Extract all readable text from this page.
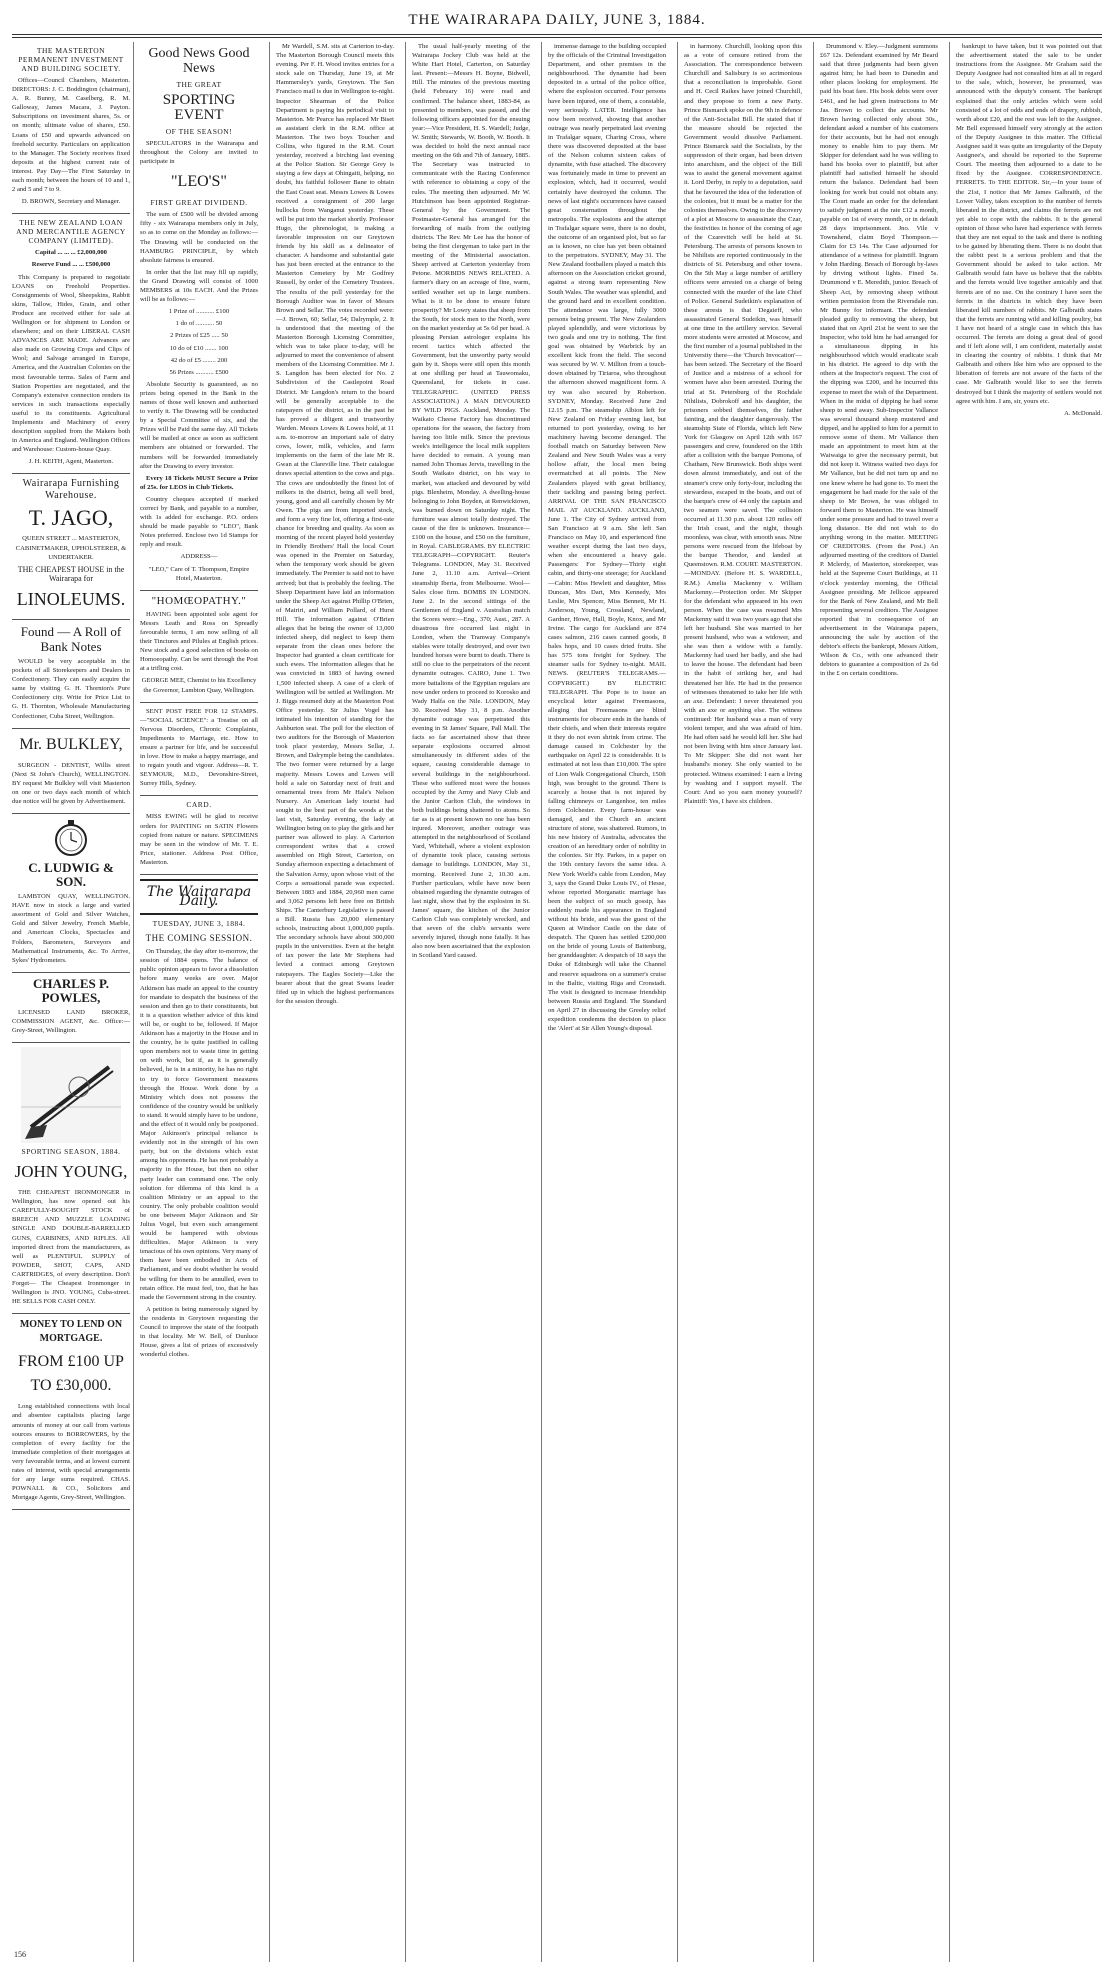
THE WAIRARAPA DAILY, JUNE 3, 1884.
THE MASTERTON PERMANENT INVESTMENT AND BUILDING SOCIETY.

Offices—Council Chambers, Masterton. DIRECTORS: J. C. Boddington (chairman), A. R. Bunny, M. Caselberg, R. M. Galloway, James Macara, J. Payton. Subscriptions on investment shares, 5s. or on month; ultimate value of shares, £50. Loans of £50 and upwards advanced on freehold security. Particulars on application to the Manager. The Society receives fixed deposits at the highest current rate of interest. Pay Day—The First Saturday in each month; between the hours of 10 and 1, 2 and 5 and 7 to 9.

D. BROWN, Secretary and Manager.

THE NEW ZEALAND LOAN AND MERCANTILE AGENCY COMPANY (LIMITED).

Capital ... ... ... £2,000,000

Reserve Fund ... ... £500,000

This Company is prepared to negotiate LOANS on Freehold Properties. Consignments of Wool, Sheepskins, Rabbit skins, Tallow, Hides, Grain, and other Produce are received either for sale at Wellington or for shipment to London or elsewhere; and on their LIBERAL CASH ADVANCES ARE MADE. Advances are also made on Growing Crops and Clips of Wool; and Salvage arranged in Europe, America, and the Australian Colonies on the most favourable terms. Sales of Farm and Station Properties are negotiated, and the Company's extensive connection renders its services in such transactions especially useful to its constituents. Agricultural Implements and Machinery of every description supplied from the Makers both in America and England. Wellington Offices and Warehouse: Custom-house Quay.

J. H. KEITH, Agent, Masterton.

Wairarapa Furnishing Warehouse.
T. JAGO,

QUEEN STREET ... MASTERTON, CABINETMAKER, UPHOLSTERER, & UNDERTAKER.

THE CHEAPEST HOUSE in the Wairarapa for

LINOLEUMS.
Found — A Roll of Bank Notes

WOULD be very acceptable in the pockets of all Storekeepers and Dealers in Confectionery. They can easily acquire the same by visiting G. H. Thornton's Pure Confectionery city. Write for Price List to G. H. Thornton, Wholesale Manufacturing Confectioner, Cuba Street, Wellington.

Mr. BULKLEY,

SURGEON - DENTIST, Willis street (Next St John's Church), WELLINGTON. BY request Mr Bulkley will visit Masterton on one or two days each month of which due notice will be given by Advertisement.

C. LUDWIG & SON.

LAMBTON QUAY, WELLINGTON. HAVE now in stock a large and varied assortment of Gold and Silver Watches, Gold and Silver Jewelry, French Marble, and American Clocks, Spectacles and Folders, Barometers, Surveyors and Mathematical Instruments, &c. To Arrive, Sykes' Hydrometers.

CHARLES P. POWLES,

LICENSED LAND BROKER, COMMISSION AGENT, &c. Office:—Grey-Street, Wellington.

SPORTING SEASON, 1884.
JOHN YOUNG,

THE CHEAPEST IRONMONGER in Wellington, has now opened out his CAREFULLY-BOUGHT STOCK of BREECH AND MUZZLE LOADING SINGLE AND DOUBLE-BARRELLED GUNS, CARBINES, AND RIFLES. All imported direct from the manufacturers, as well as PLENTIFUL SUPPLY of POWDER, SHOT, CAPS, AND CARTRIDGES, of every description. Don't Forget— The Cheapest Ironmonger in Wellington is JNO. YOUNG, Cuba-street. HE SELLS FOR CASH ONLY.

MONEY TO LEND ON MORTGAGE.
FROM £100 UP TO £30,000.

Long established connections with local and absentee capitalists placing large amounts of money at our call from various sources ensures to BORROWERS, by the completion of every facility for the immediate completion of their mortgages at very favourable terms, and at lowest current rates of interest, with special arrangements for any large sums required. CHAS. POWNALL & CO., Solicitors and Mortgage Agents, Grey-Street, Wellington.

Good News Good News
THE GREAT
SPORTING EVENT
OF THE SEASON!

SPECULATORS in the Wairarapa and throughout the Colony are invited to participate in

"LEO'S"
FIRST GREAT DIVIDEND.

The sum of £500 will be divided among fifty - six Wairarapa members only in July, so as to come on the Monday as follows:— The Drawing will be conducted on the HAMBURG PRINCIPLE, by which absolute fairness is ensured.

In order that the list may fill up rapidly, the Grand Drawing will consist of 1000 MEMBERS at 10s EACH. And the Prizes will be as follows:—

1 Prize of ........... £100

1 do of ........... 50

2 Prizes of £25 ..... 50

10 do of £10 ....... 100

42 do of £5 ........ 200

56 Prizes ........... £500

Absolute Security is guaranteed, as no prizes being opened in the Bank in the names of those well known and authorised to verify it. The Drawing will be conducted by a Special Committee of six, and the Prizes will be Paid the same day. All Tickets will be mailed at once as soon as sufficient members are obtained or forwarded. The numbers will be forwarded immediately after the Drawing to every investor.

Every 18 Tickets MUST Secure a Prize of 25s. for LEOS in Club Tickets.

Country cheques accepted if marked correct by Bank, and payable to a number, with 1s added for exchange. P.O. orders should be made payable to "LEO", Bank Notes preferred. Enclose two 1d Stamps for reply and result.

ADDRESS—

"LEO," Care of T. Thompson, Empire Hotel, Masterton.

"HOMŒOPATHY."

HAVING been appointed sole agent for Messrs Leath and Ross on Spreadly favourable terms, I am now selling of all their Tinctures and Pilules at English prices. New stock and a good selection of books on Homoeopathy. Can be sent through the Post at a trifling cost.

GEORGE MEE, Chemist to his Excellency the Governor, Lambton Quay, Wellington.

SENT POST FREE FOR 12 STAMPS.—"SOCIAL SCIENCE": a Treatise on all Nervous Disorders, Chronic Complaints, Impediments to Marriage, etc. How to ensure a partner for life, and be successful in love. How to make a happy marriage, and to regain youth and vigour. Address—R. T. SEYMOUR, M.D., Devonshire-Street, Surrey Hills, Sydney.

CARD.

MISS EWING will be glad to receive orders for PAINTING on SATIN Flowers copied from nature or nature. SPECIMENS may be seen in the window of Mr. T. E. Price, stationer. Address Post Office, Masterton.

The Wairarapa Daily.
TUESDAY, JUNE 3, 1884.
THE COMING SESSION.

On Thursday, the day after to-morrow, the session of 1884 opens. The balance of public opinion appears to favor a dissolution before many weeks are over. Major Atkinson has made an appeal to the country for mandate to despatch the business of the session and then go to their constituents, but it is a question whether advice of this kind will be, or ought to be, followed. If Major Atkinson has a majority in the House and in the country, he is quite justified in calling upon members not to waste time in getting on with work, but if, as it is generally believed, he is in a minority, he has no right to try to force Government measures through the House. Work done by a Ministry which does not possess the confidence of the country would be unlikely to stand. It would simply have to be undone, and the effect of it would only be postponed. Major Atkinson's principal reliance is evidently not in the strength of his own party, but on the divisions which exist among his opponents. He has not probably a majority in the House, but then no other party leader can command one. The only solution for dilemma of this kind is a coalition Ministry or an appeal to the country. The only probable coalition would be one between Major Atkinson and Sir Julius Vogel, but even such arrangement would be hampered with obvious difficulties. Major Atkinson is very tenacious of his own opinions. Very many of them have been embodied in Acts of Parliament, and we doubt whether he would be willing for them to be annulled, even to retain office. He must feel, too, that he has made the Government strong in the country.

A petition is being numerously signed by the residents in Greytown requesting the Council to improve the state of the footpath in that locality. Mr W. Bell, of Dunluce House, gives a list of prizes of excessively wonderful clothes.

Mr Wardell, S.M. sits at Carterton to-day. The Masterton Borough Council meets this evening. Per F. H. Wood invites entries for a stock sale on Thursday, June 19, at Mr Hammersley's yards, Greytown. The San Francisco mail is due in Wellington to-night. Inspector Shearman of the Police Department is paying his periodical visit to Masterton. Mr Pearce has replaced Mr Biset as assistant clerk in the R.M. office at Masterton. The two boys Toucher and Collins, who figured in the R.M. Court yesterday, received a birching last evening at the Police Station. Sir George Grey is staying a few days at Ohingaiti, helping, no doubt, his faithful follower Bane to obtain the East Coast seat. Messrs Lowes & Lowes received a consignment of 200 large bullocks from Wanganui yesterday. These will be put into the market shortly. Professor Hugo, the phrenologist, is making a favorable impression on our Greytown friends by his skill as a delineator of character. A handsome and substantial gate has just been erected at the entrance to the Masterton Cemetery by Mr Godfrey Russell, by order of the Cemetery Trustees. The results of the poll yesterday for the Borough Auditor was in favor of Messrs Brown and Sellar. The votes recorded were:—J. Brown, 60; Sellar, 54; Dalrymple, 2. It is understood that the meeting of the Masterton Borough Licensing Committee, which was to take place to-day, will be adjourned to meet the convenience of absent members of the Licensing Committee. Mr J. S. Langdon has been elected for No. 2 Subdivision of the Castlepoint Road District. Mr Langdon's return to the board will be generally acceptable to the ratepayers of the district, as in the past he has proved a diligent and trustworthy Warden. Messrs Lowes & Lowes hold, at 11 a.m. to-morrow an important sale of dairy cows, lower, milk, vehicles, and farm implements on the farm of the late Mr R. Gwan at the Clareville line. Their catalogue draws special attention to the cows and pigs. The cows are undoubtedly the finest lot of milkers in the district, being all well bred, young, good and all carefully chosen by Mr Owen. The pigs are from imported stock, and form a very fine lot, offering a first-rate chance for breeding and quality. As soon as morning of the recent played hold yesterday in Friendly Brothers' Hall the local Court was opened in the Premier on Saturday, when the temporary work should be given immediately. The Premier is said not to have arrived; but that is probably the feeling. The Sheep Department have laid an information under the Sheep Act against Phillip O'Brien, of Mairiri, and William Pollard, of Hurst Hill. The information against O'Brien alleges that he being the owner of 13,000 infected sheep, did neglect to keep them separate from the clean ones before the Inspector had granted a clean certificate for such ewes. The information alleges that he was convicted in 1883 of having owned 1,500 infected sheep. A case of a clerk of Wellington will be settled at Wellington. Mr J. Biggs resumed duty at the Masterton Post Office yesterday. Sir Julius Vogel has intimated his intention of standing for the Ashburton seat. The poll for the election of two auditors for the Borough of Masterton took place yesterday, Messrs Sellar, J. Brown, and Dalrymple being the candidates. The two former were returned by a large majority. Messrs Lowes and Lowes will hold a sale on Saturday next of fruit and ornamental trees from Mr Hale's Nelson Nursery. An American lady tourist had sought to the best part of the woods at the last visit, Saturday evening, the lady at Wellington being on to play the girls and her partner was allowed to play. A Carterton correspondent writes that a crowd assembled on High Street, Carterton, on Sunday afternoon expecting a detachment of the Salvation Army, upon whose visit of the Corps a sensational parade was expected. Between 1883 and 1884, 20,960 men came and 3,062 persons left here free on British Ships. The Canterbury Legislative is passed a Bill. Russia has 20,000 elementary schools, instructing about 1,000,000 pupils. The secondary schools have about 300,000 pupils in the universities. Even at the height of tax power the late Mr Stephens had levied a contract among Greytown ratepayers. The Eagles Society—Like the bearer about that the great Swans leader fifed up in which the highest performances for the session through.

The usual half-yearly meeting of the Wairarapa Jockey Club was held at the White Hart Hotel, Carterton, on Saturday last. Present:—Messrs H. Boyne, Bidwell, Hill. The minutes of the previous meeting (held February 16) were read and confirmed. The balance sheet, 1883-84, as presented to members, was passed, and the following officers appointed for the ensuing year:—Vice President, H. S. Wardell; Judge, W. Smith; Stewards, W. Booth, W. Booth. It was decided to hold the next annual race meeting on the 6th and 7th of January, 1885. The Secretary was instructed to communicate with the Racing Conference with reference to obtaining a copy of the rules. The meeting then adjourned. Mr W. Hutchinson has been appointed Registrar-General by the Government. The Postmaster-General has arranged for the forwarding of mails from the outlying districts. The Rev. Mr Lee has the honor of being the first clergyman to take part in the meeting of the Ministerial association. Sheep arrived at Carterton yesterday from Petone. MORBIDS NEWS RELATED. A farmer's diary on an acreage of fine, warm, settled weather set up in large numbers. What is it to be done to ensure future prosperity? Mr Lowry states that sheep from the South, for stock men to the North, were on the market yesterday at 5s 6d per head. A pleasing Persian astrologer explains his recent tactics which affected the Government, but the unworthy party would gain by it. Shops were still open this month at one shilling per head at Tauwomaku, Queensland, for tickets in case. TELEGRAPHIC. (UNITED PRESS ASSOCIATION.) A MAN DEVOURED BY WILD PIGS. Auckland, Monday. The Waikato Cheese Factory has discontinued operations for the season, the factory from having too little milk. Since the previous week's intelligence the local milk suppliers have decided to remain. A young man named John Thomas Jervis, travelling in the South Waikato district, on his way to market, was attacked and devoured by wild pigs. Blenheim, Monday. A dwelling-house belonging to John Boyden, at Renwicktown, was burned down on Saturday night. The furniture was almost totally destroyed. The cause of the fire is unknown. Insurance—£100 on the house, and £50 on the furniture, in Royal. CABLEGRAMS. BY ELECTRIC TELEGRAPH—COPYRIGHT. Reuter's Telegrams. LONDON, May 31. Received June 2, 11.10 a.m. Arrival—Orient steamship Iberia, from Melbourne. Wool—Sales close firm. BOMBS IN LONDON. June 2. In the second sittings of the Gentlemen of England v. Australian match the Scores were:—Eng., 370; Aust., 287. A disastrous fire occurred last night in London, when the Tramway Company's stables were totally destroyed, and over two hundred horses were burnt to death. There is still no clue to the perpetrators of the recent dynamite outrages. CAIRO, June 1. Two more battalions of the Egyptian regulars are now under orders to proceed to Korosko and Wady Halfa on the Nile. LONDON, May 30. Received May 31, 8 p.m. Another dynamite outrage was perpetrated this evening in St James' Square, Pall Mall. The facts so far ascertained show that three separate explosions occurred almost simultaneously in different sides of the square, causing considerable damage to several buildings in the neighbourhood. These who suffered most were the houses occupied by the Army and Navy Club and the Junior Carlton Club, the windows in both buildings being shattered to atoms. So far as is at present known no one has been injured. Moreover, another outrage was attempted in the neighbourhood of Scotland Yard, Whitehall, where a violent explosion of dynamite took place, causing serious damage to buildings. LONDON, May 31, morning. Received June 2, 10.30 a.m. Further particulars, while have now been obtained regarding the dynamite outrages of last night, show that by the explosion in St. James' square, the kitchen of the Junior Carlton Club was completely wrecked, and that seven of the club's servants were severely injured, though none fatally. It has also now been ascertained that the explosion in Scotland Yard caused.

immense damage to the building occupied by the officials of the Criminal Investigation Department, and other premises in the neighbourhood. The dynamite had been deposited in a urinal of the police office, where the explosion occurred. Four persons have been injured, one of them, a constable, very seriously. LATER. Intelligence has now been received, showing that another outrage was nearly perpetrated last evening in Trafalgar square, Charing Cross, where there was discovered deposited at the base of the Nelson column sixteen cakes of dynamite, with fuse attached. The discovery was fortunately made in time to prevent an explosion, which, had it occurred, would certainly have destroyed the column. The news of last night's occurrences have caused great consternation throughout the metropolis. The explosions and the attempt in Trafalgar square were, there is no doubt, the outcome of an organised plot, but so far as is known, no clue has yet been obtained to the perpetrators. SYDNEY, May 31. The New Zealand footballers played a match this afternoon on the Association cricket ground, against a strong team representing New South Wales. The weather was splendid, and the ground hard and in excellent condition. The attendance was large, fully 3000 persons being present. The New Zealanders played splendidly, and were victorious by two goals and one try to nothing. The first goal was obtained by Warbrick by an excellent kick from the field. The second was secured by W. V. Millton from a touch-down obtained by Tiriaroa, who throughout the afternoon showed magnificent form. A try was also secured by Robertson. SYDNEY, Monday. Received June 2nd 12.15 p.m. The steamship Albion left for New Zealand on Friday evening last, but returned to port yesterday, owing to her machinery having become deranged. The football match on Saturday between New Zealand and New South Wales was a very hollow affair, the local men being overmatched at all points. The New Zealanders played with great brilliancy, their tackling and passing being perfect. ARRIVAL OF THE SAN FRANCISCO MAIL AT AUCKLAND. AUCKLAND, June 1. The City of Sydney arrived from San Francisco at 9 a.m. She left San Francisco on May 10, and experienced fine weather except during the last two days, when she encountered a heavy gale. Passengers: For Sydney—Thirty eight cabin, and thirty-one steerage; for Auckland—Cabin: Miss Hewlett and daughter, Miss Duncan, Mrs Dart, Mrs Kennedy, Mrs Leslie, Mrs Spencer, Miss Bennett, Mr H. Anderson, Young, Crossland, Newland, Gardner, Howe, Hall, Boyle, Knox, and Mr Irvine. The cargo for Auckland are 874 cases salmon, 216 cases canned goods, 8 bales hops, and 10 cases dried fruits. She has 575 tons freight for Sydney. The steamer sails for Sydney to-night. MAIL NEWS. (REUTER'S TELEGRAMS.—COPYRIGHT.) BY ELECTRIC TELEGRAPH. The Pope is to issue an encyclical letter against Freemasons, alleging that Freemasons are blind instruments for obscure ends in the hands of their chiefs, and when their interests require it they do not even shrink from crime. The damage caused in Colchester by the earthquake on April 22 is considerable. It is estimated at not less than £10,000. The spire of Lion Walk Congregational Church, 150ft high, was brought to the ground. There is scarcely a house that is not injured by falling chimneys or Langenhoe, ten miles from Colchester. Every farm-house was damaged, and the Church an ancient structure of stone, was shattered. Rumors, in his new history of Australia, advocates the creation of an hereditary order of nobility in the colonies. Sir Hy. Parkes, in a paper on the 19th century favors the same idea. A New York World's cable from London, May 3, says the Grand Duke Louis IV., of Hesse, whose reported Morganatic marriage has been the subject of so much gossip, has suddenly made his appearance in England without his bride, and was the guest of the Queen at Windsor Castle on the date of despatch. The Queen has settled £200,000 on the bride of young Louis of Battenburg, her granddaughter. A despatch of 18 says the Duke of Edinburgh will take the Channel and reserve squadrons on a summer's cruise in the Baltic, visiting Riga and Cronstadt. The visit is designed to increase friendship between Russia and England. The Standard on April 27 in discussing the Greeley relief expedition condemns the decision to place the 'Alert' at Sir Allen Young's disposal.

in harmony. Churchill, looking upon this as a vote of censure retired from the Association. The correspondence between Churchill and Salisbury is so acrimonious that a reconciliation is improbable. Gorst and H. Cecil Raikes have joined Churchill, and they propose to form a new Party. Prince Bismarck spoke on the 9th in defence of the Anti-Socialist Bill. He stated that if the measure should be rejected the Government would dissolve Parliament. Prince Bismarck said the Socialists, by the suppression of their organ, had been driven into anarchism, and the object of the Bill was to assist the general movement against it. Lord Derby, in reply to a deputation, said that he favoured the idea of the federation of the colonies, but it must be a matter for the colonies themselves. Owing to the discovery of a plot at Moscow to assassinate the Czar, the festivities in honor of the coming of age of the Czarevitch will be held at St. Petersburg. The arrests of persons known to be Nihilists are reported continuously in the districts of St. Petersburg and other towns. On the 5th May a large number of artillery officers were arrested on a charge of being connected with the murder of the late Chief of Police. General Sudeikin's explanation of these arrests is that Degaieff, who assassinated General Sudeikin, was himself at one time in the artillery service. Several more students were arrested at Moscow, and the first number of a journal published in the University there—the 'Church Invocation'—has been seized. The Secretary of the Board of Justice and a mistress of a school for women have also been arrested. During the trial at St. Petersburg of the Rochdale Nihilists, Dobrokoff and his daughter, the prisoners sobbed themselves, the father fainting, and the daughter dangerously. The steamship State of Florida, which left New York for Glasgow on April 12th with 167 passengers and crew, foundered on the 18th after a collision with the barque Pomona, of Chatham, New Brunswick. Both ships went down almost immediately, and out of the steamer's crew only forty-four, including the stewardess, escaped in the boats, and out of the barque's crew of 44 only the captain and two seamen were saved. The collision occurred at 11.30 p.m. about 120 miles off the Irish coast, and the night, though moonless, was clear, with smooth seas. Nine persons were rescued from the lifeboat by the barque Theodor, and landed at Queenstown. R.M. COURT. MASTERTON.—MONDAY. (Before H. S. WARDELL, R.M.) Amelia Mackenny v. William Mackenny.—Protection order. Mr Skipper for the defendant who appeared in his own person. When the case was resumed Mrs Mackenny said it was two years ago that she left her husband. She was married to her present husband, who was a widower, and she was then a widow with a family. Mackenny had used her badly, and she had to leave the house. The defendant had been in the habit of striking her, and had threatened her life. He had in the presence of witnesses threatened to take her life with an axe. Defendant: I never threatened you with an axe or anything else. The witness continued: Her husband was a man of very violent temper, and she was afraid of him. He had often said he would kill her. She had not been living with him since January last. To Mr Skipper: She did not want her husband's money. She only wanted to be protected. Witness examined: I earn a living by washing and I support myself. The Court: And so you earn money yourself? Plaintiff: Yes, I have six children.

Drummond v. Eley.—Judgment summons £67 12s. Defendant examined by Mr Beard said that three judgments had been given against him; he had been to Dunedin and other places looking for employment. He paid his boat fare. His book debts were over £461, and he had given instructions to Mr Jas. Brown to collect the accounts. Mr Brown having collected only about 30s., defendant asked a number of his customers for their accounts, but he had not enough money to enable him to pay them. Mr Skipper for defendant said he was willing to hand his books over to plaintiff, but after plaintiff had satisfied himself he should return the balance. Defendant had been looking for work but could not obtain any. The Court made an order for the defendant to satisfy judgment at the rate £12 a month, payable on 1st of every month, or in default 28 days imprisonment. Jno. Vile v Townshend, claim Boyd Thompson.—Claim for £3 14s. The Case adjourned for attendance of a witness for plaintiff. Ingram v John Harding. Breach of Borough by-laws by driving without lights. Fined 5s. Drummond v E. Meredith, junior. Breach of Sheep Act, by removing sheep without written permission from the Riversdale run. Mr Bunny for informant. The defendant pleaded guilty to removing the sheep, but stated that on April 21st he went to see the Inspector, who told him he had arranged for a simultaneous dipping in his neighbourhood which would eradicate scab in his district. He agreed to dip with the others at the Inspector's request. The cost of the dipping was £200, and he incurred this expense to meet the wish of the Department. When in the midst of dipping he had some sheep to send away. Sub-Inspector Vallance was several thousand sheep mustered and dipped, and he applied to him for a permit to remove some of them. Mr Vallance then made an appointment to meet him at the Waiwaiga to give the necessary permit, but did not keep it. Witness waited two days for Mr Vallance, but he did not turn up and no one knew where he had gone to. To meet the engagement he had made for the sale of the sheep to Mr Brown, he was obliged to forward them to Masterton. He was himself under some pressure and had to travel over a long distance. He did not wish to do anything wrong in the matter. MEETING OF CREDITORS. (From the Post.) An adjourned meeting of the creditors of Daniel P. Mclerdy, of Masterton, storekeeper, was held at the Supreme Court Buildings, at 11 o'clock yesterday morning, the Official Assignee presiding. Mr Jellicoe appeared for the Bank of New Zealand, and Mr Bell representing several creditors. The Assignee reported that in consequence of an advertisement in the Wairarapa papers, announcing the sale by auction of the debtor's effects the bankrupt, Messrs Aitken, Wilson & Co., with one advanced their debtors to guarantee a composition of 2s 6d in the £ on certain conditions.

bankrupt to have taken, but it was pointed out that the advertisement stated the sale to be under instructions from the Assignee. Mr Graham said the Deputy Assignee had not consulted him at all in regard to the sale, which, however, he presumed, was announced with the deputy's consent. The bankrupt explained that the only articles which were sold consisted of a lot of odds and ends of drapery, rubbish, worth about £20, and the rest was left to the Assignee. Mr Bell expressed himself very strongly at the action of the Deputy Assignee in this matter. The Official Assignee said it was quite an irregularity of the Deputy Assignee's, and should be reported to the Supreme Court. The meeting then adjourned to a date to be fixed by the Assignee. CORRESPONDENCE. FERRETS. To THE EDITOR. Sir,—In your issue of the 21st, I notice that Mr James Galbraith, of the Lower Valley, takes exception to the number of ferrets liberated in the district, and claims the ferrets are not yet able to cope with the rabbits. It is the general opinion of those who have had experience with ferrets that they are not equal to the task and there is nothing to be gained by liberating them. There is no doubt that the rabbit pest is a serious problem and that the Government should be asked to take action. Mr Galbraith would fain have us believe that the rabbits and the ferrets would live together amicably and that ferrets are of no use. On the contrary I have seen the ferrets in the districts in which they have been liberated kill numbers of rabbits. Mr Galbraith states that the ferrets are running wild and killing poultry, but I have not heard of a single case in which this has occurred. The ferrets are doing a great deal of good and if left alone will, I am confident, materially assist in clearing the country of rabbits. I think that Mr Galbraith and others like him who are opposed to the liberation of ferrets are not aware of the facts of the case. Mr Galbraith would like to see the ferrets destroyed but I think the majority of settlers would not agree with him. I am, sir, yours etc.

A. McDonald.

156
